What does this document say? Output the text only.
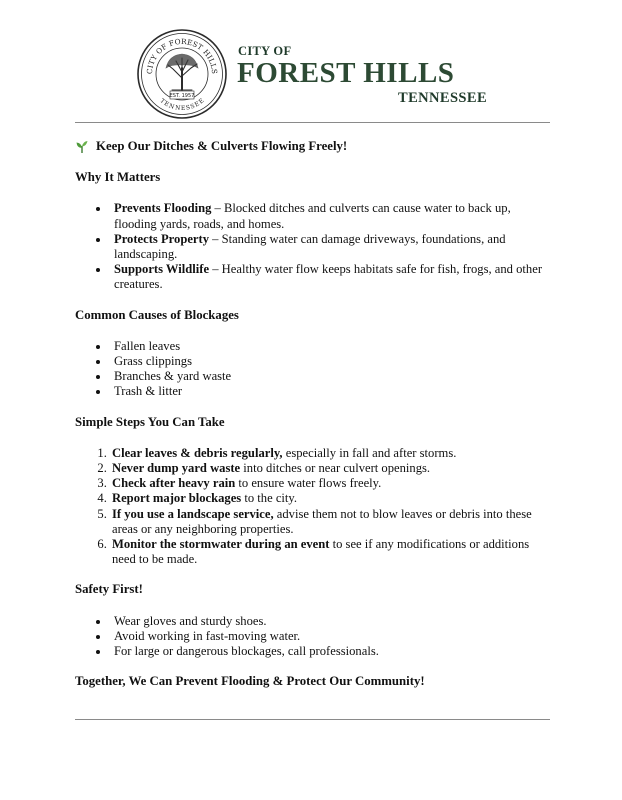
CITY OF FOREST HILLS
TENNESSEE
EST. 1957
CITY OF
FOREST HILLS
TENNESSEE
Keep Our Ditches & Culverts Flowing Freely!
Why It Matters
• Prevents Flooding – Blocked ditches and culverts can cause water to back up, flooding yards, roads, and homes.
• Protects Property – Standing water can damage driveways, foundations, and landscaping.
• Supports Wildlife – Healthy water flow keeps habitats safe for fish, frogs, and other creatures.
Common Causes of Blockages
• Fallen leaves
• Grass clippings
• Branches & yard waste
• Trash & litter
Simple Steps You Can Take
1. Clear leaves & debris regularly, especially in fall and after storms.
2. Never dump yard waste into ditches or near culvert openings.
3. Check after heavy rain to ensure water flows freely.
4. Report major blockages to the city.
5. If you use a landscape service, advise them not to blow leaves or debris into these areas or any neighboring properties.
6. Monitor the stormwater during an event to see if any modifications or additions need to be made.
Safety First!
• Wear gloves and sturdy shoes.
• Avoid working in fast-moving water.
• For large or dangerous blockages, call professionals.

Together, We Can Prevent Flooding & Protect Our Community!
